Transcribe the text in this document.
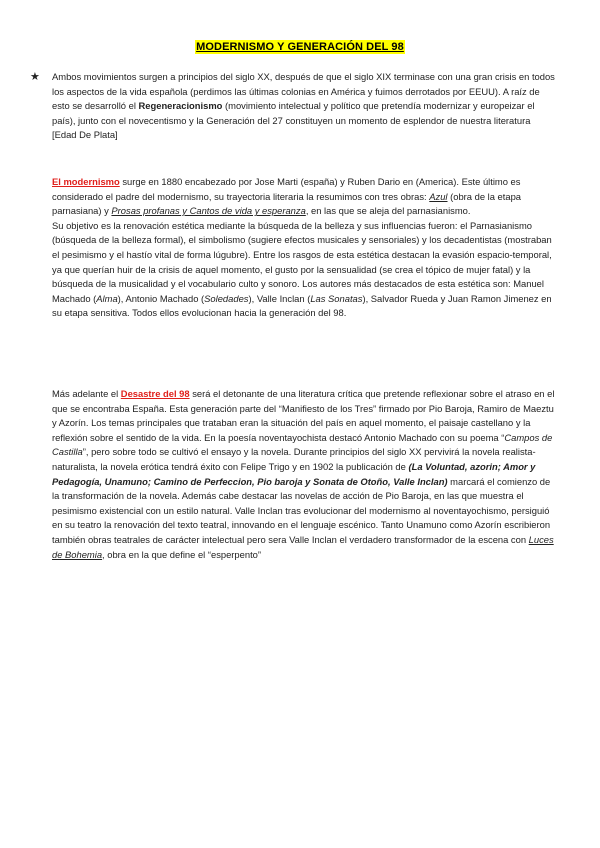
MODERNISMO Y GENERACIÓN DEL 98
★ Ambos movimientos surgen a principios del siglo XX, después de que el siglo XIX terminase con una gran crisis en todos los aspectos de la vida española (perdimos las últimas colonias en América y fuimos derrotados por EEUU). A raíz de esto se desarrolló el Regeneracionismo (movimiento intelectual y político que pretendía modernizar y europeizar el país), junto con el novecentismo y la Generación del 27 constituyen un momento de esplendor de nuestra literatura [Edad De Plata]

El modernismo surge en 1880 encabezado por Jose Marti (españa) y Ruben Dario en (America). Este último es considerado el padre del modernismo, su trayectoria literaria la resumimos con tres obras: Azul (obra de la etapa parnasiana) y Prosas profanas y Cantos de vida y esperanza, en las que se aleja del parnasianismo.
Su objetivo es la renovación estética mediante la búsqueda de la belleza y sus influencias fueron: el Parnasianismo (búsqueda de la belleza formal), el simbolismo (sugiere efectos musicales y sensoriales) y los decadentistas (mostraban el pesimismo y el hastío vital de forma lúgubre). Entre los rasgos de esta estética destacan la evasión espacio-temporal, ya que querían huir de la crisis de aquel momento, el gusto por la sensualidad (se crea el tópico de mujer fatal) y la búsqueda de la musicalidad y el vocabulario culto y sonoro. Los autores más destacados de esta estética son: Manuel Machado (Alma), Antonio Machado (Soledades), Valle Inclan (Las Sonatas), Salvador Rueda y Juan Ramon Jimenez en su etapa sensitiva. Todos ellos evolucionan hacia la generación del 98.

Más adelante el Desastre del 98 será el detonante de una literatura crítica que pretende reflexionar sobre el atraso en el que se encontraba España. Esta generación parte del “Manifiesto de los Tres” firmado por Pio Baroja, Ramiro de Maeztu y Azorín. Los temas principales que trataban eran la situación del país en aquel momento, el paisaje castellano y la reflexión sobre el sentido de la vida. En la poesía noventayochista destacó Antonio Machado con su poema “Campos de Castilla”, pero sobre todo se cultivó el ensayo y la novela. Durante principios del siglo XX pervivirá la novela realista-naturalista, la novela erótica tendrá éxito con Felipe Trigo y en 1902 la publicación de (La Voluntad, azorin; Amor y Pedagogía, Unamuno; Camino de Perfeccion, Pio baroja y Sonata de Otoño, Valle Inclan) marcará el comienzo de la transformación de la novela. Además cabe destacar las novelas de acción de Pio Baroja, en las que muestra el pesimismo existencial con un estilo natural. Valle Inclan tras evolucionar del modernismo al noventayochismo, persiguió en su teatro la renovación del texto teatral, innovando en el lenguaje escénico. Tanto Unamuno como Azorín escribieron también obras teatrales de carácter intelectual pero sera Valle Inclan el verdadero transformador de la escena con Luces de Bohemia, obra en la que define el “esperpento”
